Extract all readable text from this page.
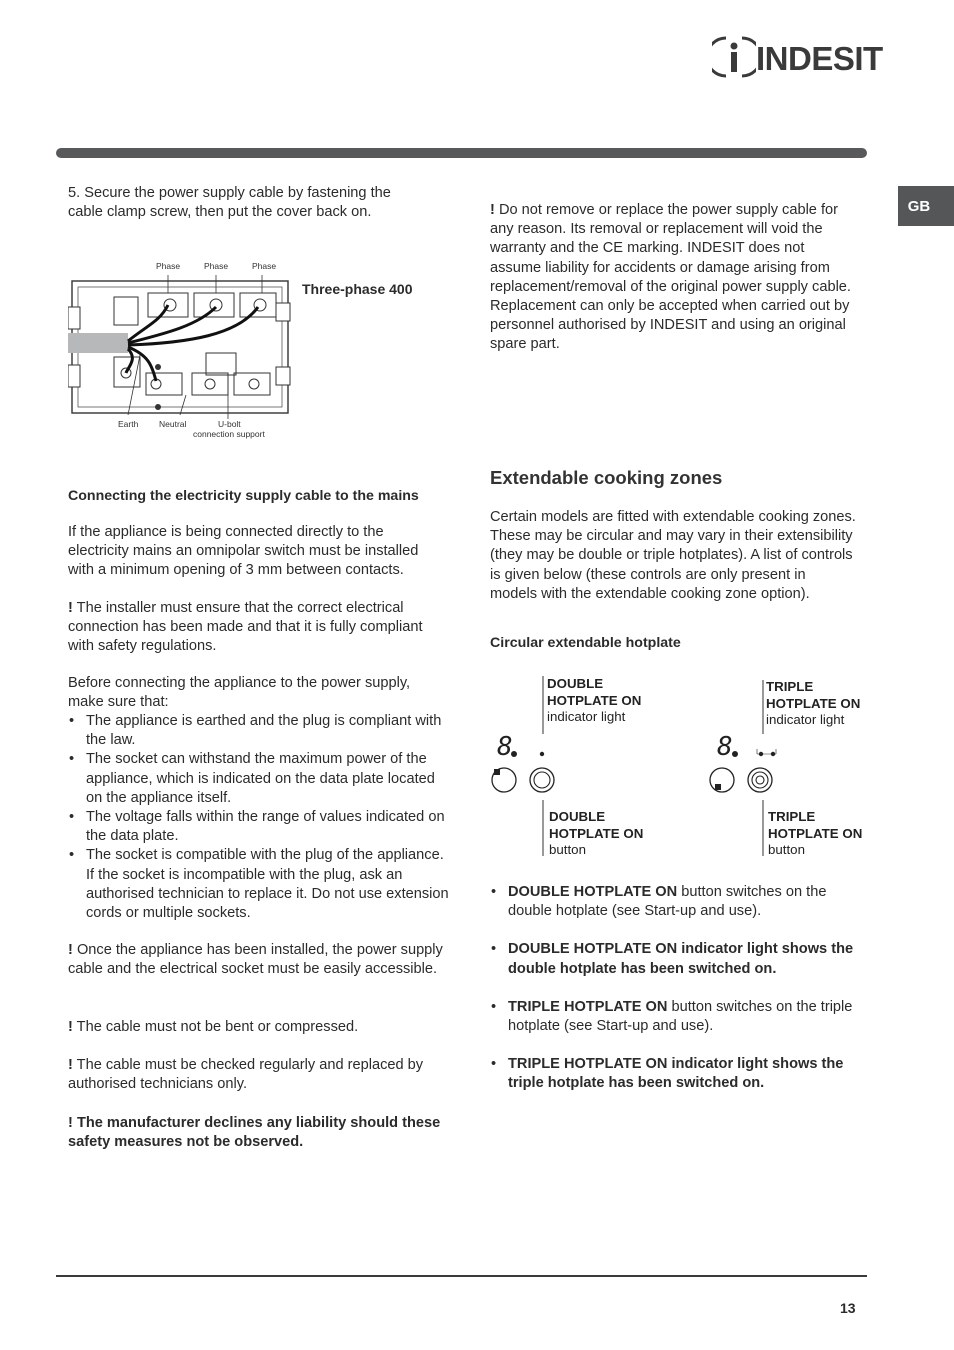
INDESIT
GB

5. Secure the power supply cable by fastening the cable clamp screw, then put the cover back on.

Phase	Phase	Phase
Earth Neutral	U-bolt
connection support
Three-phase 400
Connecting the electricity supply cable to the mains

If the appliance is being connected directly to the electricity mains an omnipolar switch must be installed with a minimum opening of 3 mm between contacts.

! The installer must ensure that the correct electrical connection has been made and that it is fully compliant with safety regulations.

Before connecting the appliance to the power supply, make sure that:

• The appliance is earthed and the plug is compliant with the law.
• The socket can withstand the maximum power of the appliance, which is indicated on the data plate located on the appliance itself.
• The voltage falls within the range of values indicated on the data plate.
• The socket is compatible with the plug of the appliance. If the socket is incompatible with the plug, ask an authorised technician to replace it. Do not use extension cords or multiple sockets.

! Once the appliance has been installed, the power supply cable and the electrical socket must be easily accessible.

! The cable must not be bent or compressed.

! The cable must be checked regularly and replaced by authorised technicians only.

! The manufacturer declines any liability should these safety measures not be observed.

! Do not remove or replace the power supply cable for any reason. Its removal or replacement will void the warranty and the CE marking. INDESIT does not assume liability for accidents or damage arising from replacement/removal of the original power supply cable. Replacement can only be accepted when carried out by personnel authorised by INDESIT and using an original spare part.

Extendable cooking zones

Certain models are fitted with extendable cooking zones. These may be circular and may vary in their extensibility (they may be double or triple hotplates). A list of controls is given below (these controls are only present in models with the extendable cooking zone option).

Circular extendable hotplate
8	8
DOUBLE
HOTPLATE ON
indicator light
TRIPLE
HOTPLATE ON
indicator light
DOUBLE
HOTPLATE ON
button
TRIPLE
HOTPLATE ON
button
• DOUBLE HOTPLATE ON button switches on the double hotplate (see Start-up and use).
• DOUBLE HOTPLATE ON indicator light shows the double hotplate has been switched on.
• TRIPLE HOTPLATE ON button switches on the triple hotplate (see Start-up and use).
• TRIPLE HOTPLATE ON indicator light shows the triple hotplate has been switched on.
13
